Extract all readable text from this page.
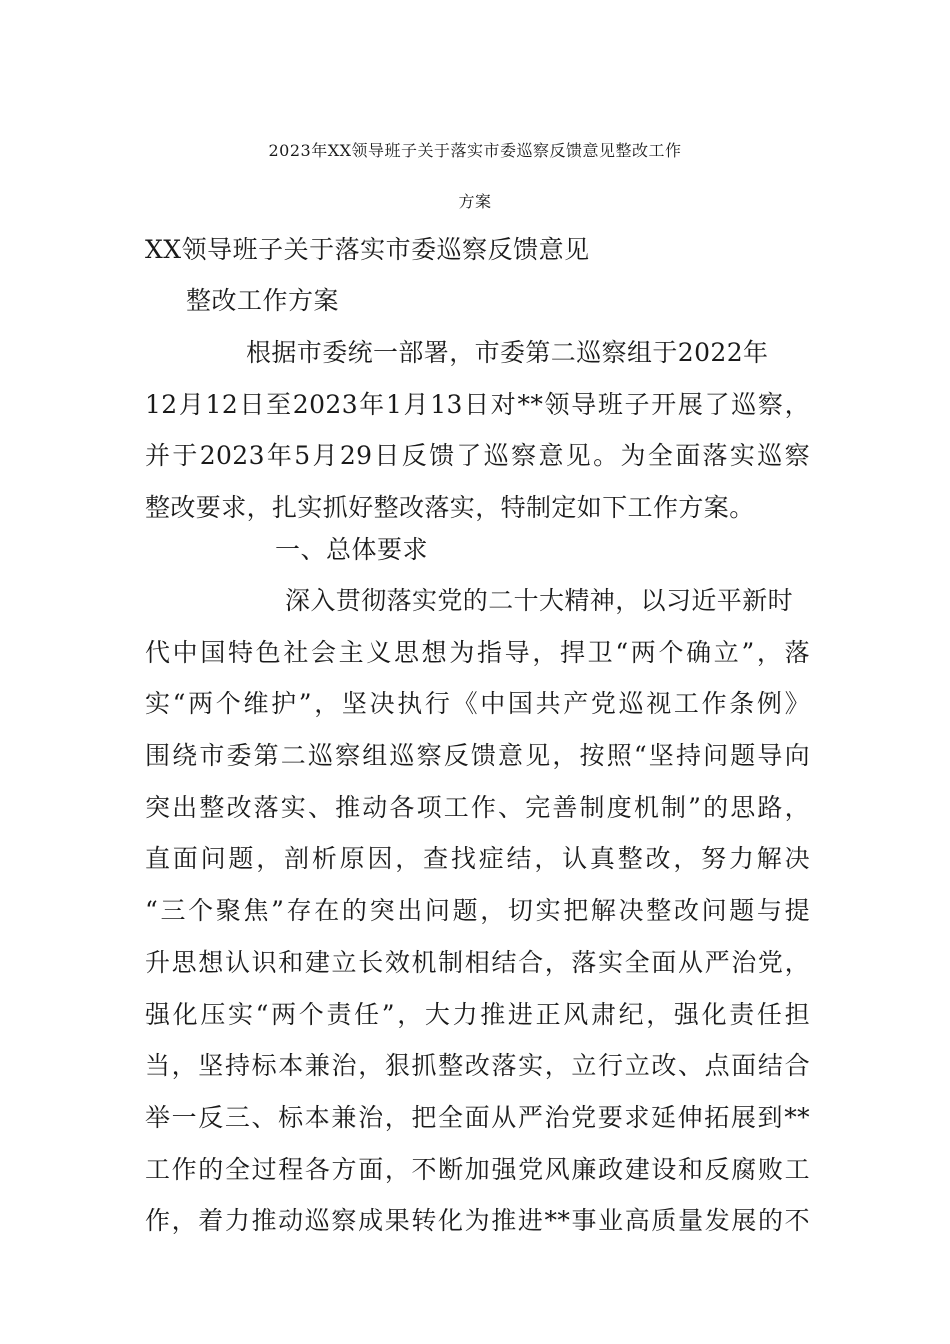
2023年XX领导班子关于落实市委巡察反馈意见整改工作
方案
XX领导班子关于落实市委巡察反馈意见
整改工作方案
根据市委统一部署，市委第二巡察组于2022年
12月12日至2023年1月13日对**领导班子开展了巡察，
并于2023年5月29日反馈了巡察意见。为全面落实巡察
整改要求，扎实抓好整改落实，特制定如下工作方案。
一、总体要求
深入贯彻落实党的二十大精神，以习近平新时
代中国特色社会主义思想为指导，捍卫“两个确立”，落
实“两个维护”，坚决执行《中国共产党巡视工作条例》
围绕市委第二巡察组巡察反馈意见，按照“坚持问题导向
突出整改落实、推动各项工作、完善制度机制”的思路，
直面问题，剖析原因，查找症结，认真整改，努力解决
“三个聚焦”存在的突出问题，切实把解决整改问题与提
升思想认识和建立长效机制相结合，落实全面从严治党，
强化压实“两个责任”，大力推进正风肃纪，强化责任担
当，坚持标本兼治，狠抓整改落实，立行立改、点面结合
举一反三、标本兼治，把全面从严治党要求延伸拓展到**
工作的全过程各方面，不断加强党风廉政建设和反腐败工
作，着力推动巡察成果转化为推进**事业高质量发展的不
